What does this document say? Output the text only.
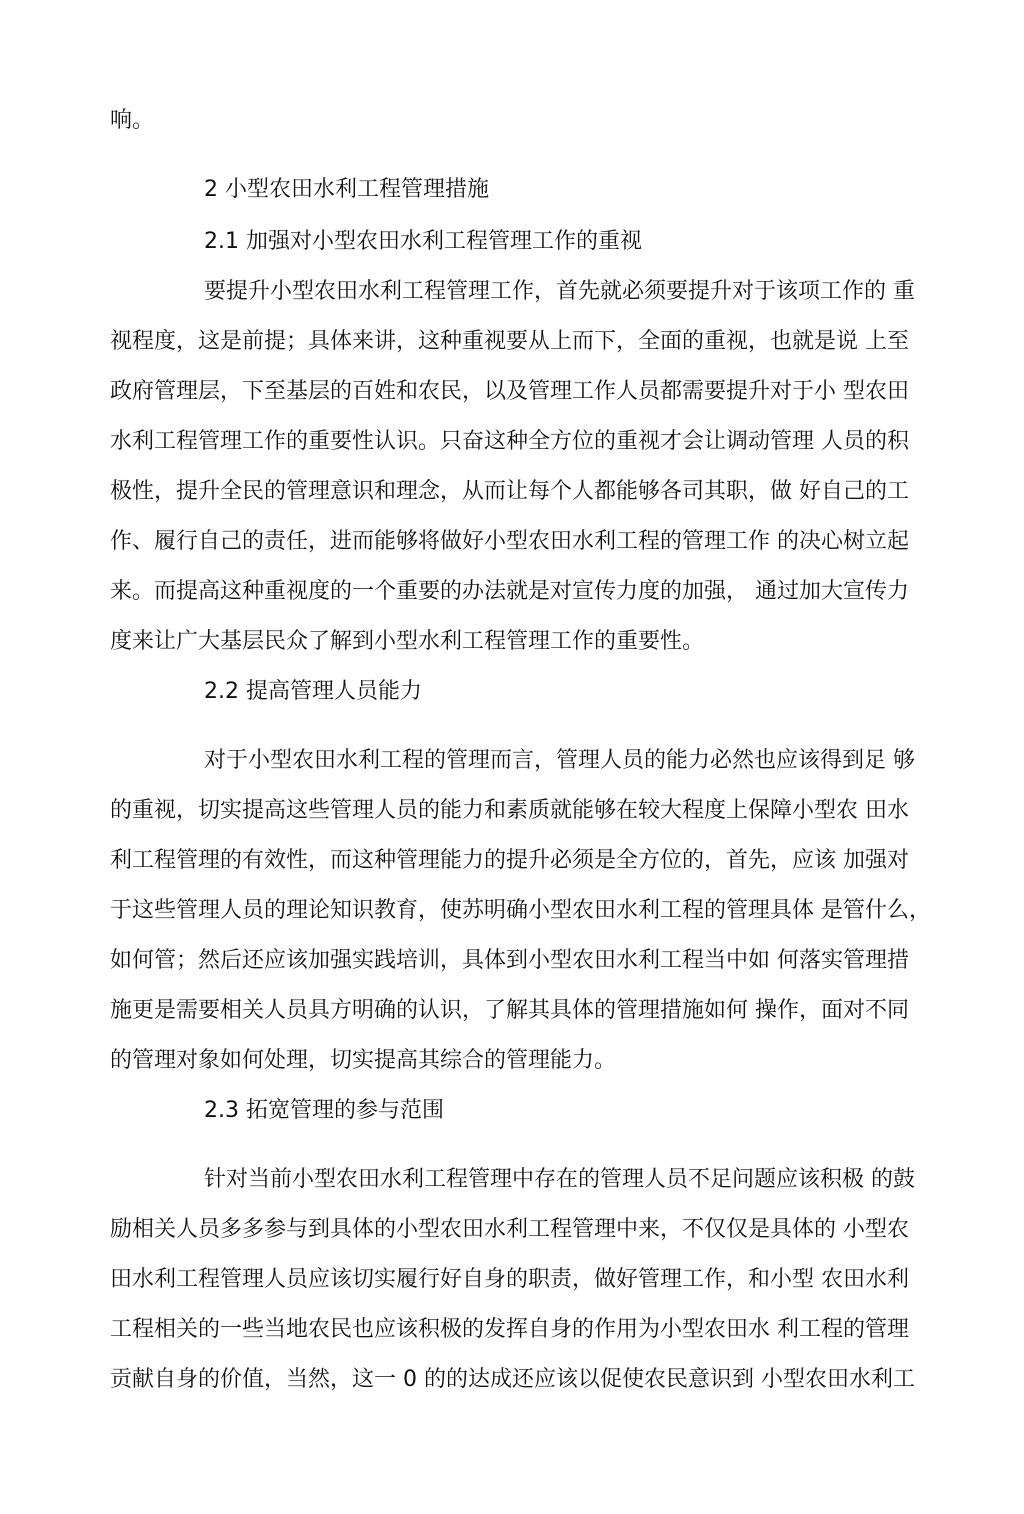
响。
2 小型农田水利工程管理措施
2.1 加强对小型农田水利工程管理工作的重视
要提升小型农田水利工程管理工作，首先就必须要提升对于该项工作的 重
视程度，这是前提；具体来讲，这种重视要从上而下，全面的重视，也就是说 上至
政府管理层，下至基层的百姓和农民，以及管理工作人员都需要提升对于小 型农田
水利工程管理工作的重要性认识。只奋这种全方位的重视才会让调动管理 人员的积
极性，提升全民的管理意识和理念，从而让每个人都能够各司其职，做 好自己的工
作、履行自己的责任，进而能够将做好小型农田水利工程的管理工作 的决心树立起
来。而提高这种重视度的一个重要的办法就是对宣传力度的加强， 通过加大宣传力
度来让广大基层民众了解到小型水利工程管理工作的重要性。
2.2 提高管理人员能力
对于小型农田水利工程的管理而言，管理人员的能力必然也应该得到足 够
的重视，切实提高这些管理人员的能力和素质就能够在较大程度上保障小型农 田水
利工程管理的有效性，而这种管理能力的提升必须是全方位的，首先，应该 加强对
于这些管理人员的理论知识教育，使苏明确小型农田水利工程的管理具体 是管什么，
如何管；然后还应该加强实践培训，具体到小型农田水利工程当中如 何落实管理措
施更是需要相关人员具方明确的认识，了解其具体的管理措施如何 操作，面对不同
的管理对象如何处理，切实提高其综合的管理能力。
2.3 拓宽管理的参与范围
针对当前小型农田水利工程管理中存在的管理人员不足问题应该积极 的鼓
励相关人员多多参与到具体的小型农田水利工程管理中来，不仅仅是具体的 小型农
田水利工程管理人员应该切实履行好自身的职责，做好管理工作，和小型 农田水利
工程相关的一些当地农民也应该积极的发挥自身的作用为小型农田水 利工程的管理
贡献自身的价值，当然，这一 0 的的达成还应该以促使农民意识到 小型农田水利工
